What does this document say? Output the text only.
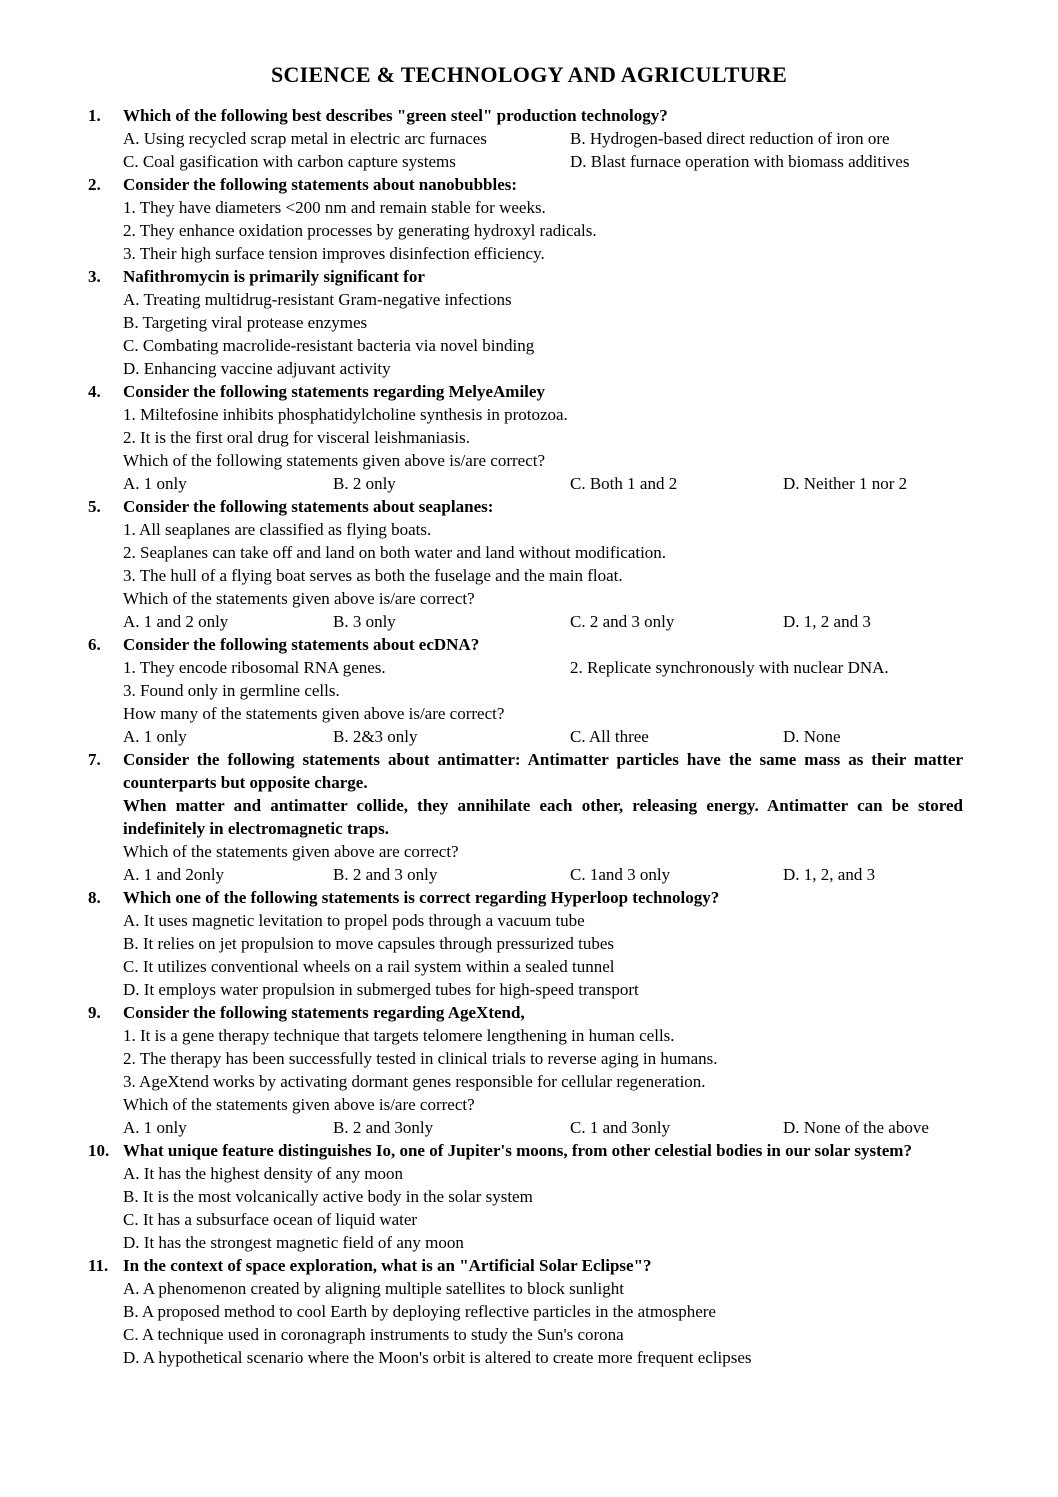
SCIENCE & TECHNOLOGY AND AGRICULTURE
1.	Which of the following best describes "green steel" production technology?
A. Using recycled scrap metal in electric arc furnaces	B. Hydrogen-based direct reduction of iron ore
C. Coal gasification with carbon capture systems	D. Blast furnace operation with biomass additives
2.	Consider the following statements about nanobubbles:
1. They have diameters <200 nm and remain stable for weeks.
2. They enhance oxidation processes by generating hydroxyl radicals.
3. Their high surface tension improves disinfection efficiency.
3.	Nafithromycin is primarily significant for
A. Treating multidrug-resistant Gram-negative infections
B. Targeting viral protease enzymes
C. Combating macrolide-resistant bacteria via novel binding
D. Enhancing vaccine adjuvant activity
4.	Consider the following statements regarding MelyeAmiley
1. Miltefosine inhibits phosphatidylcholine synthesis in protozoa.
2. It is the first oral drug for visceral leishmaniasis.
Which of the following statements given above is/are correct?
A. 1 only	B. 2 only	C. Both 1 and 2	D. Neither 1 nor 2
5.	Consider the following statements about seaplanes:
1. All seaplanes are classified as flying boats.
2. Seaplanes can take off and land on both water and land without modification.
3. The hull of a flying boat serves as both the fuselage and the main float.
Which of the statements given above is/are correct?
A. 1 and 2 only	B. 3 only	C. 2 and 3 only	D. 1, 2 and 3
6.	Consider the following statements about ecDNA?
1. They encode ribosomal RNA genes.	2. Replicate synchronously with nuclear DNA.
3. Found only in germline cells.
How many of the statements given above is/are correct?
A. 1 only	B. 2&3 only	C. All three	D. None
7.	Consider the following statements about antimatter: Antimatter particles have the same mass as their matter counterparts but opposite charge.
When matter and antimatter collide, they annihilate each other, releasing energy. Antimatter can be stored indefinitely in electromagnetic traps.
Which of the statements given above are correct?
A. 1 and 2only	B. 2 and 3 only	C. 1and 3 only	D. 1, 2, and 3
8.	Which one of the following statements is correct regarding Hyperloop technology?
A. It uses magnetic levitation to propel pods through a vacuum tube
B. It relies on jet propulsion to move capsules through pressurized tubes
C. It utilizes conventional wheels on a rail system within a sealed tunnel
D. It employs water propulsion in submerged tubes for high-speed transport
9.	Consider the following statements regarding AgeXtend,
1. It is a gene therapy technique that targets telomere lengthening in human cells.
2. The therapy has been successfully tested in clinical trials to reverse aging in humans.
3. AgeXtend works by activating dormant genes responsible for cellular regeneration.
Which of the statements given above is/are correct?
A. 1 only	B. 2 and 3only	C. 1 and 3only	D. None of the above
10. What unique feature distinguishes Io, one of Jupiter's moons, from other celestial bodies in our solar system?
A. It has the highest density of any moon
B. It is the most volcanically active body in the solar system
C. It has a subsurface ocean of liquid water
D. It has the strongest magnetic field of any moon
11. In the context of space exploration, what is an "Artificial Solar Eclipse"?
A. A phenomenon created by aligning multiple satellites to block sunlight
B. A proposed method to cool Earth by deploying reflective particles in the atmosphere
C. A technique used in coronagraph instruments to study the Sun's corona
D. A hypothetical scenario where the Moon's orbit is altered to create more frequent eclipses
